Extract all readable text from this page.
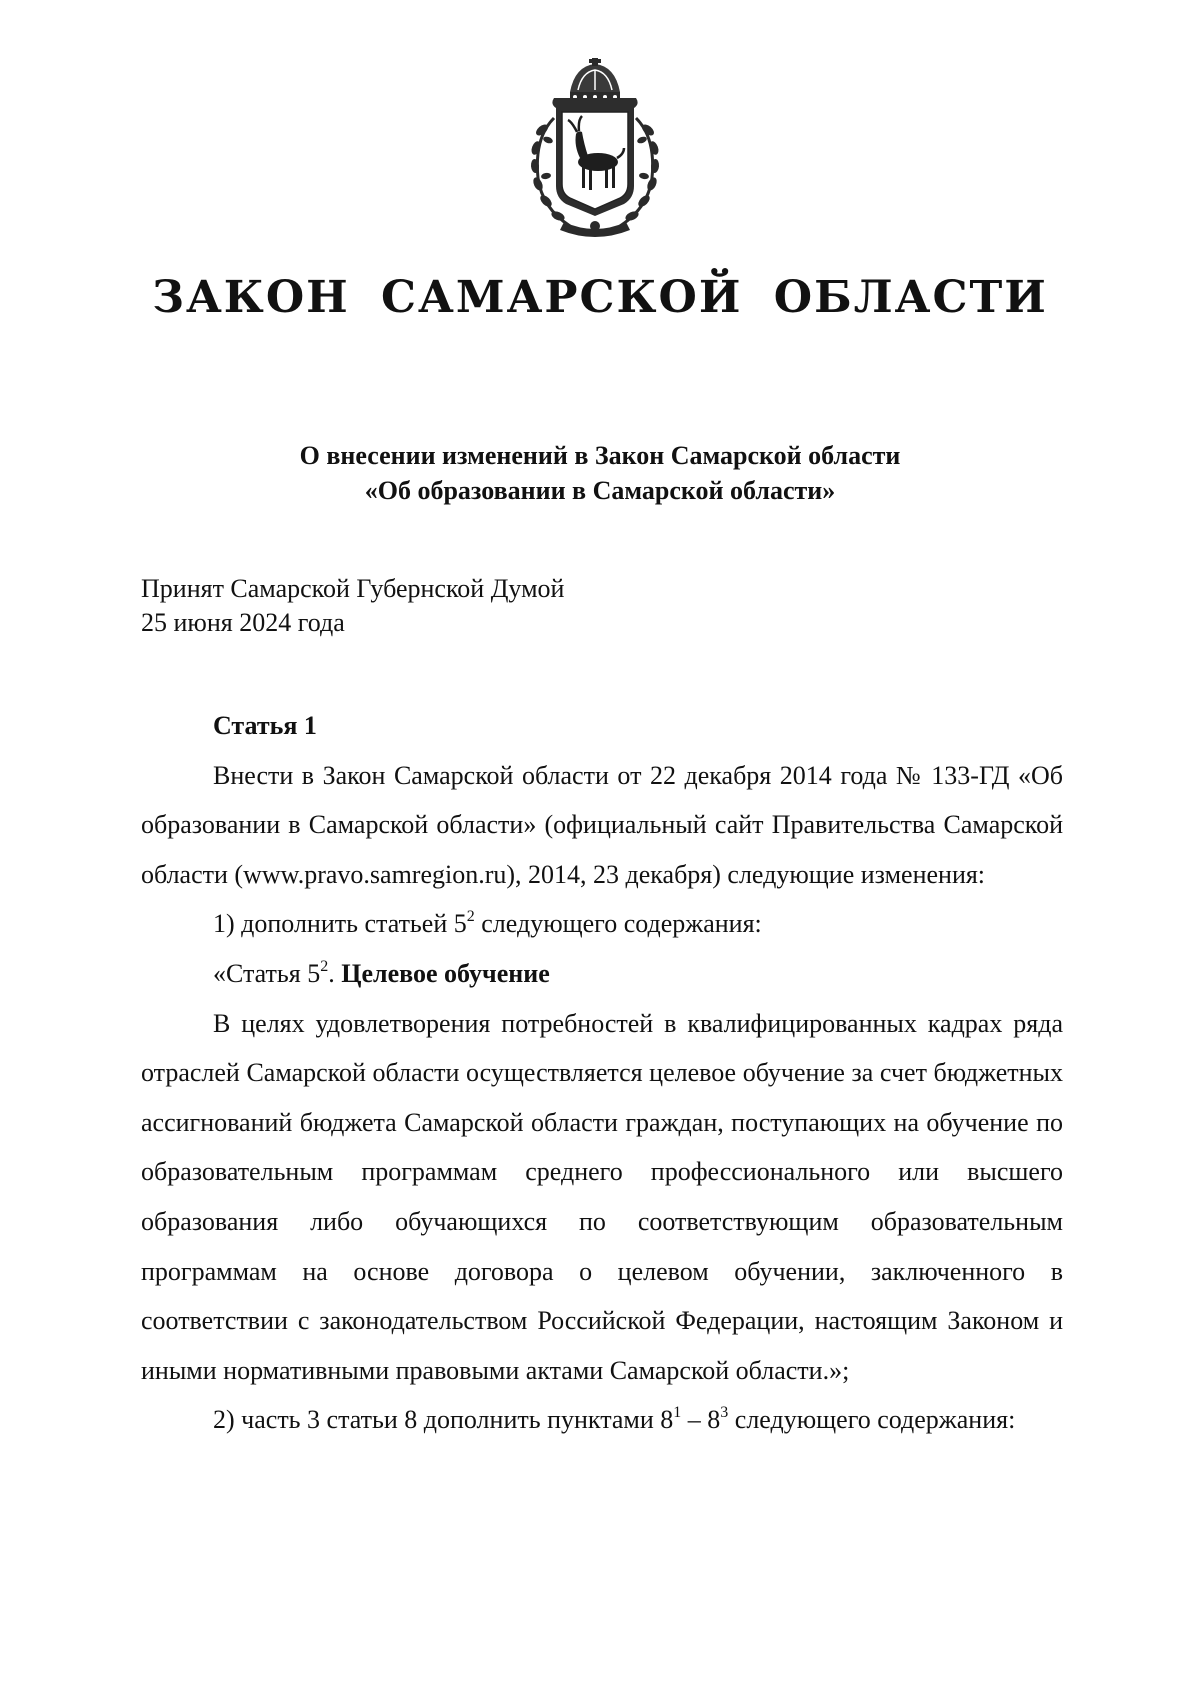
ЗАКОН САМАРСКОЙ ОБЛАСТИ
О внесении изменений в Закон Самарской области
«Об образовании в Самарской области»
Принят Самарской Губернской Думой
25 июня 2024 года
Статья 1

Внести в Закон Самарской области от 22 декабря 2014 года № 133-ГД «Об образовании в Самарской области» (официальный сайт Правительства Самарской области (www.pravo.samregion.ru), 2014, 23 декабря) следующие изменения:

1) дополнить статьей $5^2$ следующего содержания:

«Статья $5^2$. Целевое обучение

В целях удовлетворения потребностей в квалифицированных кадрах ряда отраслей Самарской области осуществляется целевое обучение за счет бюджетных ассигнований бюджета Самарской области граждан, поступающих на обучение по образовательным программам среднего профессионального или высшего образования либо обучающихся по соответствующим образовательным программам на основе договора о целевом обучении, заключенного в соответствии с законодательством Российской Федерации, настоящим Законом и иными нормативными правовыми актами Самарской области.»;

2) часть 3 статьи 8 дополнить пунктами $8^1 - 8^3$ следующего содержания:
